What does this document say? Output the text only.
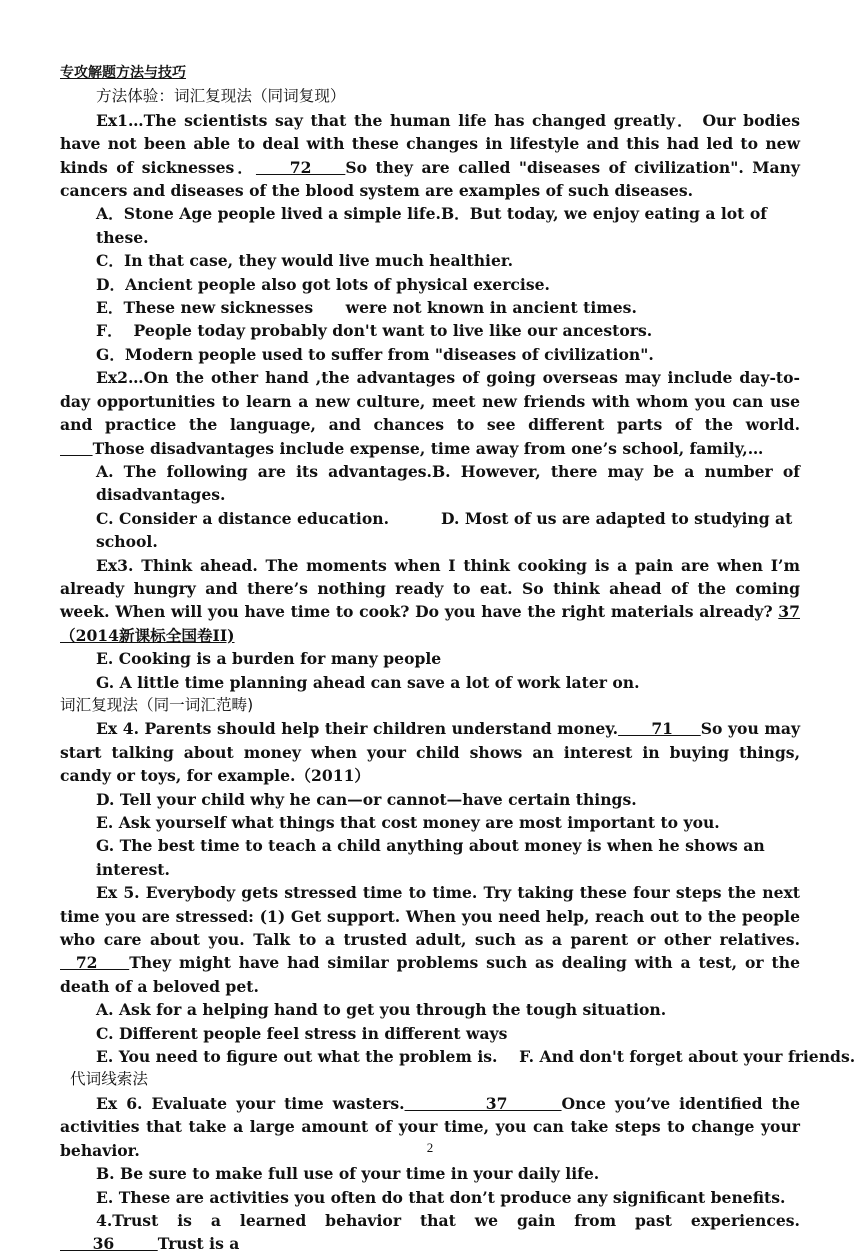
专攻解题方法与技巧
方法体验：词汇复现法（同词复现）
Ex1…The scientists say that the human life has changed greatly． Our bodies have not been able to deal with these changes in lifestyle and this had led to new kinds of sicknesses．    72    So they are called "diseases of civilization". Many cancers and diseases of the blood system are examples of such diseases.
A．Stone Age people lived a simple life.B．But today, we enjoy eating a lot of these.
C．In that case, they would live much healthier.
D．Ancient people also got lots of physical exercise.
E．These new sicknesses      were not known in ancient times.
F．  People today probably don't want to live like our ancestors.
G．Modern people used to suffer from "diseases of civilization".
Ex2…On the other hand ,the advantages of going overseas may include day-to- day opportunities to learn a new culture, meet new friends with whom you can use and practice the language, and chances to see different parts of the world.       Those disadvantages include expense, time away from one’s school, family,…
A. The following are its advantages.B. However, there may be a number of disadvantages.
C. Consider a distance education.	D. Most of us are adapted to studying at school.
Ex3. Think ahead. The moments when I think cooking is a pain are when I’m already hungry and there’s nothing ready to eat. So think ahead of the coming week. When will you have time to cook? Do you have the right materials already? 37 （2014新课标全国卷II)
E. Cooking is a burden for many people
G. A little time planning ahead can save a lot of work later on.
词汇复现法（同一词汇范畴)
Ex 4. Parents should help their children understand money.      71     So you may start talking about money when your child shows an interest in buying things, candy or toys, for example.（2011）
D. Tell your child why he can—or cannot—have certain things.
E. Ask yourself what things that cost money are most important to you.
G. The best time to teach a child anything about money is when he shows an interest.
Ex 5. Everybody gets stressed time to time. Try taking these four steps the next time you are stressed: (1) Get support. When you need help, reach out to the people who care about you. Talk to a trusted adult, such as a parent or other relatives.   72    They might have had similar problems such as dealing with a test, or the death of a beloved pet.
A. Ask for a helping hand to get you through the tough situation.
C. Different people feel stress in different ways
E. You need to figure out what the problem is.    F. And don't forget about your friends.
代词线索法
Ex 6. Evaluate your time wasters.         37      Once you’ve identified the activities that take a large amount of your time, you can take steps to change your behavior.
B. Be sure to make full use of your time in your daily life.
E. These are activities you often do that don’t produce any significant benefits.
4.Trust is a learned behavior that we gain from past experiences.      36        Trust is a
2
